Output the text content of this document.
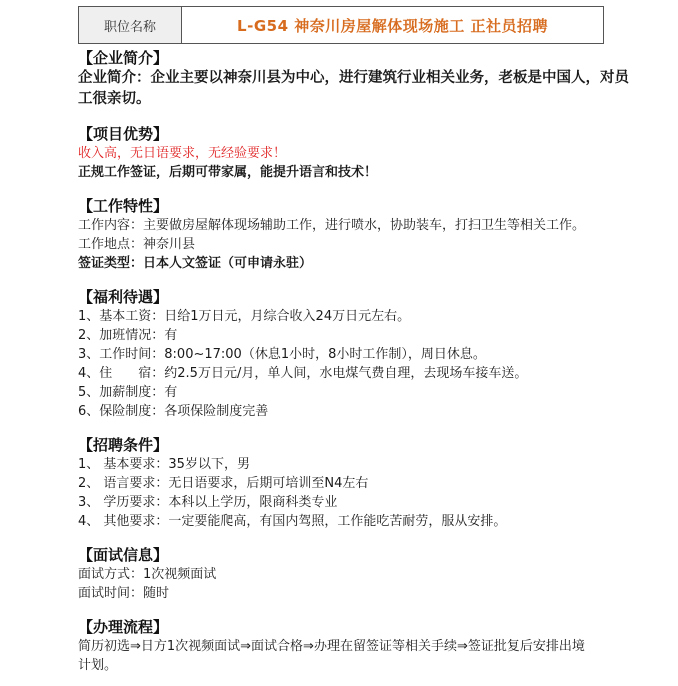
职位名称	L-G54 神奈川房屋解体现场施工 正社员招聘

【企业简介】

企业简介：企业主要以神奈川县为中心，进行建筑行业相关业务，老板是中国人，对员工很亲切。

【项目优势】

收入高，无日语要求，无经验要求！

正规工作签证，后期可带家属，能提升语言和技术！

【工作特性】

工作内容：主要做房屋解体现场辅助工作，进行喷水，协助装车，打扫卫生等相关工作。

工作地点：神奈川县

签证类型：日本人文签证（可申请永驻）

【福利待遇】

1、基本工资：日给1万日元，月综合收入24万日元左右。

2、加班情况：有

3、工作时间：8:00~17:00（休息1小时，8小时工作制），周日休息。

4、住　　宿：约2.5万日元/月，单人间，水电煤气费自理，去现场车接车送。

5、加薪制度：有

6、保险制度：各项保险制度完善

【招聘条件】

1、 基本要求：35岁以下，男

2、 语言要求：无日语要求，后期可培训至N4左右

3、 学历要求：本科以上学历，限商科类专业

4、 其他要求：一定要能爬高，有国内驾照，工作能吃苦耐劳，服从安排。

【面试信息】

面试方式：1次视频面试

面试时间：随时

【办理流程】

简历初选⇒日方1次视频面试⇒面试合格⇒办理在留签证等相关手续⇒签证批复后安排出境

计划。
